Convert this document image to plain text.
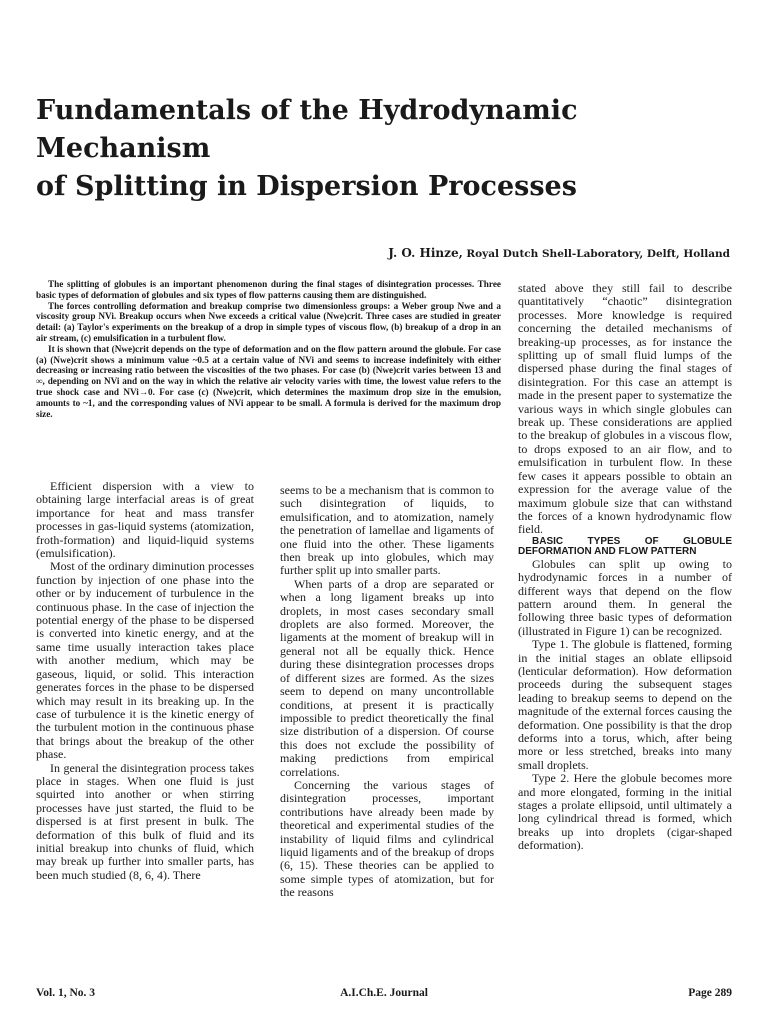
Fundamentals of the Hydrodynamic Mechanism
of Splitting in Dispersion Processes
J. O. Hinze, Royal Dutch Shell-Laboratory, Delft, Holland

The splitting of globules is an important phenomenon during the final stages of disintegration processes. Three basic types of deformation of globules and six types of flow patterns causing them are distinguished.

The forces controlling deformation and breakup comprise two dimensionless groups: a Weber group Nwe and a viscosity group NVi. Breakup occurs when Nwe exceeds a critical value (Nwe)crit. Three cases are studied in greater detail: (a) Taylor's experiments on the breakup of a drop in simple types of viscous flow, (b) breakup of a drop in an air stream, (c) emulsification in a turbulent flow.

It is shown that (Nwe)crit depends on the type of deformation and on the flow pattern around the globule. For case (a) (Nwe)crit shows a minimum value ~0.5 at a certain value of NVi and seems to increase indefinitely with either decreasing or increasing ratio between the viscosities of the two phases. For case (b) (Nwe)crit varies between 13 and ∞, depending on NVi and on the way in which the relative air velocity varies with time, the lowest value refers to the true shock case and NVi→0. For case (c) (Nwe)crit, which determines the maximum drop size in the emulsion, amounts to ~1, and the corresponding values of NVi appear to be small. A formula is derived for the maximum drop size.

Efficient dispersion with a view to obtaining large interfacial areas is of great importance for heat and mass transfer processes in gas-liquid systems (atomization, froth-formation) and liquid-liquid systems (emulsification).

Most of the ordinary diminution processes function by injection of one phase into the other or by inducement of turbulence in the continuous phase. In the case of injection the potential energy of the phase to be dispersed is converted into kinetic energy, and at the same time usually interaction takes place with another medium, which may be gaseous, liquid, or solid. This interaction generates forces in the phase to be dispersed which may result in its breaking up. In the case of turbulence it is the kinetic energy of the turbulent motion in the continuous phase that brings about the breakup of the other phase.

In general the disintegration process takes place in stages. When one fluid is just squirted into another or when stirring processes have just started, the fluid to be dispersed is at first present in bulk. The deformation of this bulk of fluid and its initial breakup into chunks of fluid, which may break up further into smaller parts, has been much studied (8, 6, 4). There

seems to be a mechanism that is common to such disintegration of liquids, to emulsification, and to atomization, namely the penetration of lamellae and ligaments of one fluid into the other. These ligaments then break up into globules, which may further split up into smaller parts.

When parts of a drop are separated or when a long ligament breaks up into droplets, in most cases secondary small droplets are also formed. Moreover, the ligaments at the moment of breakup will in general not all be equally thick. Hence during these disintegration processes drops of different sizes are formed. As the sizes seem to depend on many uncontrollable conditions, at present it is practically impossible to predict theoretically the final size distribution of a dispersion. Of course this does not exclude the possibility of making predictions from empirical correlations.

Concerning the various stages of disintegration processes, important contributions have already been made by theoretical and experimental studies of the instability of liquid films and cylindrical liquid ligaments and of the breakup of drops (6, 15). These theories can be applied to some simple types of atomization, but for the reasons

stated above they still fail to describe quantitatively “chaotic” disintegration processes. More knowledge is required concerning the detailed mechanisms of breaking-up processes, as for instance the splitting up of small fluid lumps of the dispersed phase during the final stages of disintegration. For this case an attempt is made in the present paper to systematize the various ways in which single globules can break up. These considerations are applied to the breakup of globules in a viscous flow, to drops exposed to an air flow, and to emulsification in turbulent flow. In these few cases it appears possible to obtain an expression for the average value of the maximum globule size that can withstand the forces of a known hydrodynamic flow field.

BASIC TYPES OF GLOBULE DEFORMATION AND FLOW PATTERN

Globules can split up owing to hydrodynamic forces in a number of different ways that depend on the flow pattern around them. In general the following three basic types of deformation (illustrated in Figure 1) can be recognized.

Type 1. The globule is flattened, forming in the initial stages an oblate ellipsoid (lenticular deformation). How deformation proceeds during the subsequent stages leading to breakup seems to depend on the magnitude of the external forces causing the deformation. One possibility is that the drop deforms into a torus, which, after being more or less stretched, breaks into many small droplets.

Type 2. Here the globule becomes more and more elongated, forming in the initial stages a prolate ellipsoid, until ultimately a long cylindrical thread is formed, which breaks up into droplets (cigar-shaped deformation).

Vol. 1, No. 3	A.I.Ch.E. Journal	Page 289
